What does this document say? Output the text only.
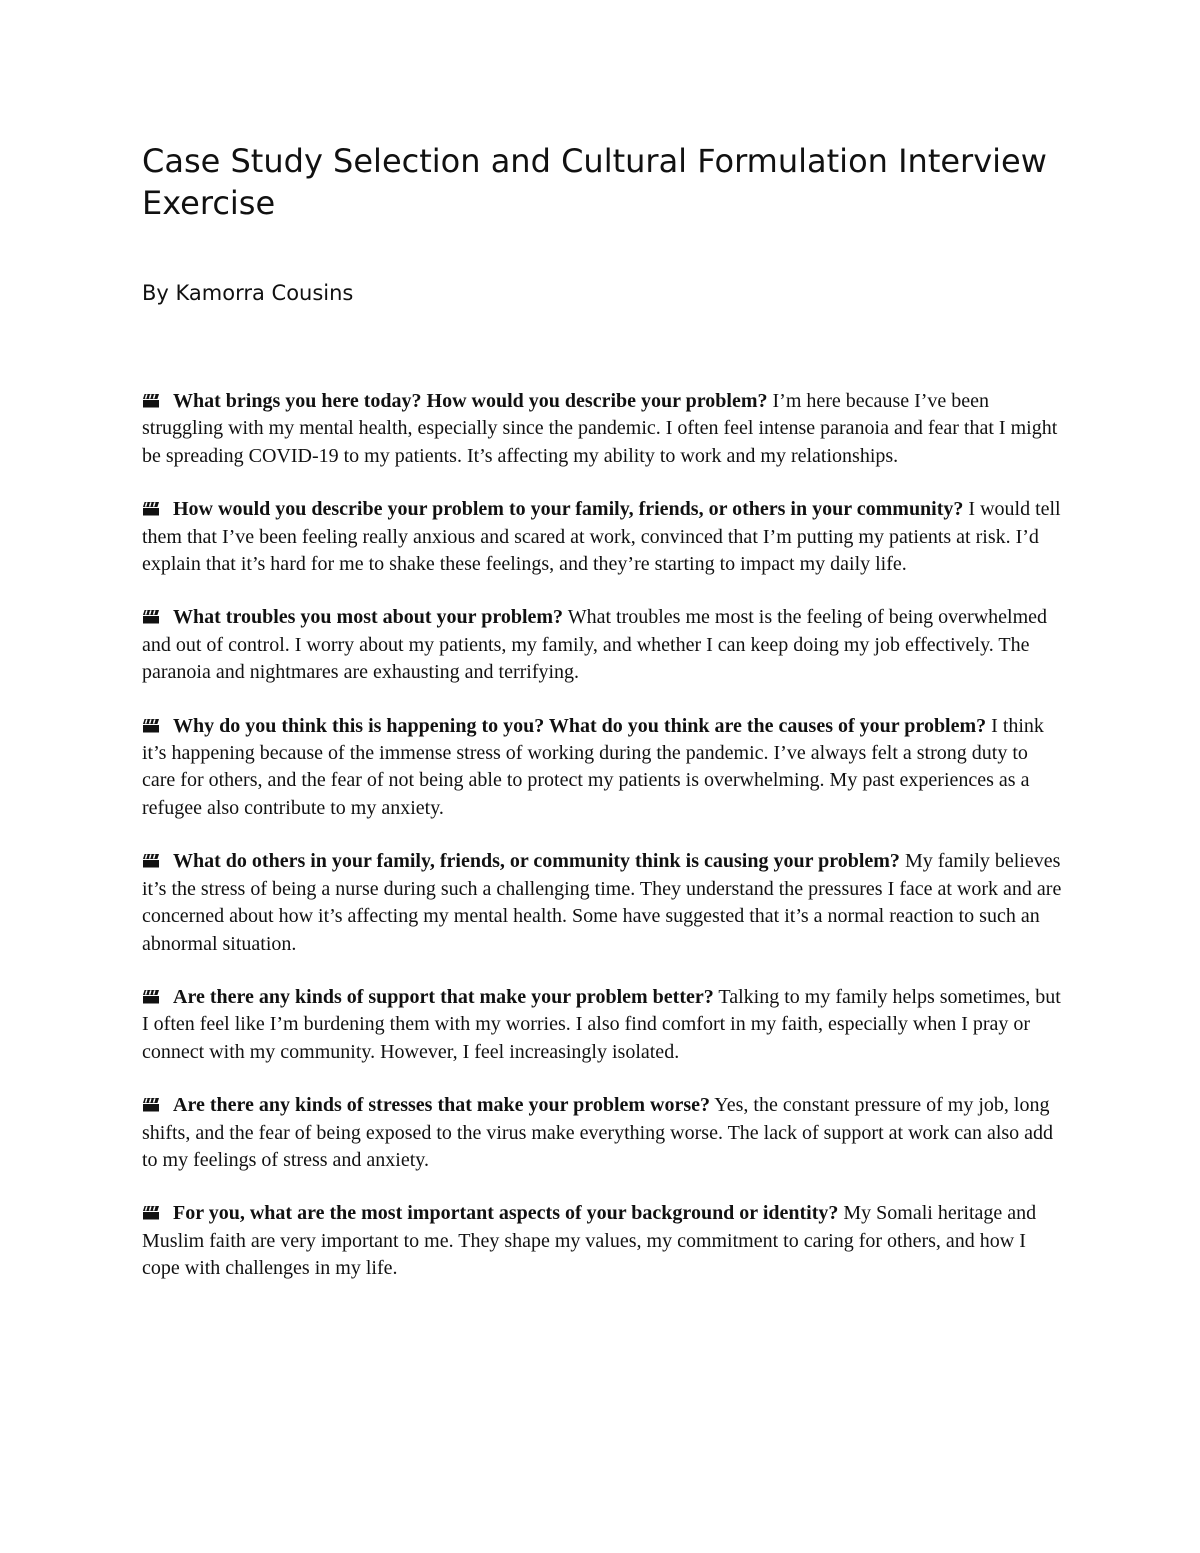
Case Study Selection and Cultural Formulation Interview Exercise

By Kamorra Cousins

What brings you here today? How would you describe your problem? I’m here because I’ve been struggling with my mental health, especially since the pandemic. I often feel intense paranoia and fear that I might be spreading COVID-19 to my patients. It’s affecting my ability to work and my relationships.

How would you describe your problem to your family, friends, or others in your community? I would tell them that I’ve been feeling really anxious and scared at work, convinced that I’m putting my patients at risk. I’d explain that it’s hard for me to shake these feelings, and they’re starting to impact my daily life.

What troubles you most about your problem? What troubles me most is the feeling of being overwhelmed and out of control. I worry about my patients, my family, and whether I can keep doing my job effectively. The paranoia and nightmares are exhausting and terrifying.

Why do you think this is happening to you? What do you think are the causes of your problem? I think it’s happening because of the immense stress of working during the pandemic. I’ve always felt a strong duty to care for others, and the fear of not being able to protect my patients is overwhelming. My past experiences as a refugee also contribute to my anxiety.

What do others in your family, friends, or community think is causing your problem? My family believes it’s the stress of being a nurse during such a challenging time. They understand the pressures I face at work and are concerned about how it’s affecting my mental health. Some have suggested that it’s a normal reaction to such an abnormal situation.

Are there any kinds of support that make your problem better? Talking to my family helps sometimes, but I often feel like I’m burdening them with my worries. I also find comfort in my faith, especially when I pray or connect with my community. However, I feel increasingly isolated.

Are there any kinds of stresses that make your problem worse? Yes, the constant pressure of my job, long shifts, and the fear of being exposed to the virus make everything worse. The lack of support at work can also add to my feelings of stress and anxiety.

For you, what are the most important aspects of your background or identity? My Somali heritage and Muslim faith are very important to me. They shape my values, my commitment to caring for others, and how I cope with challenges in my life.
